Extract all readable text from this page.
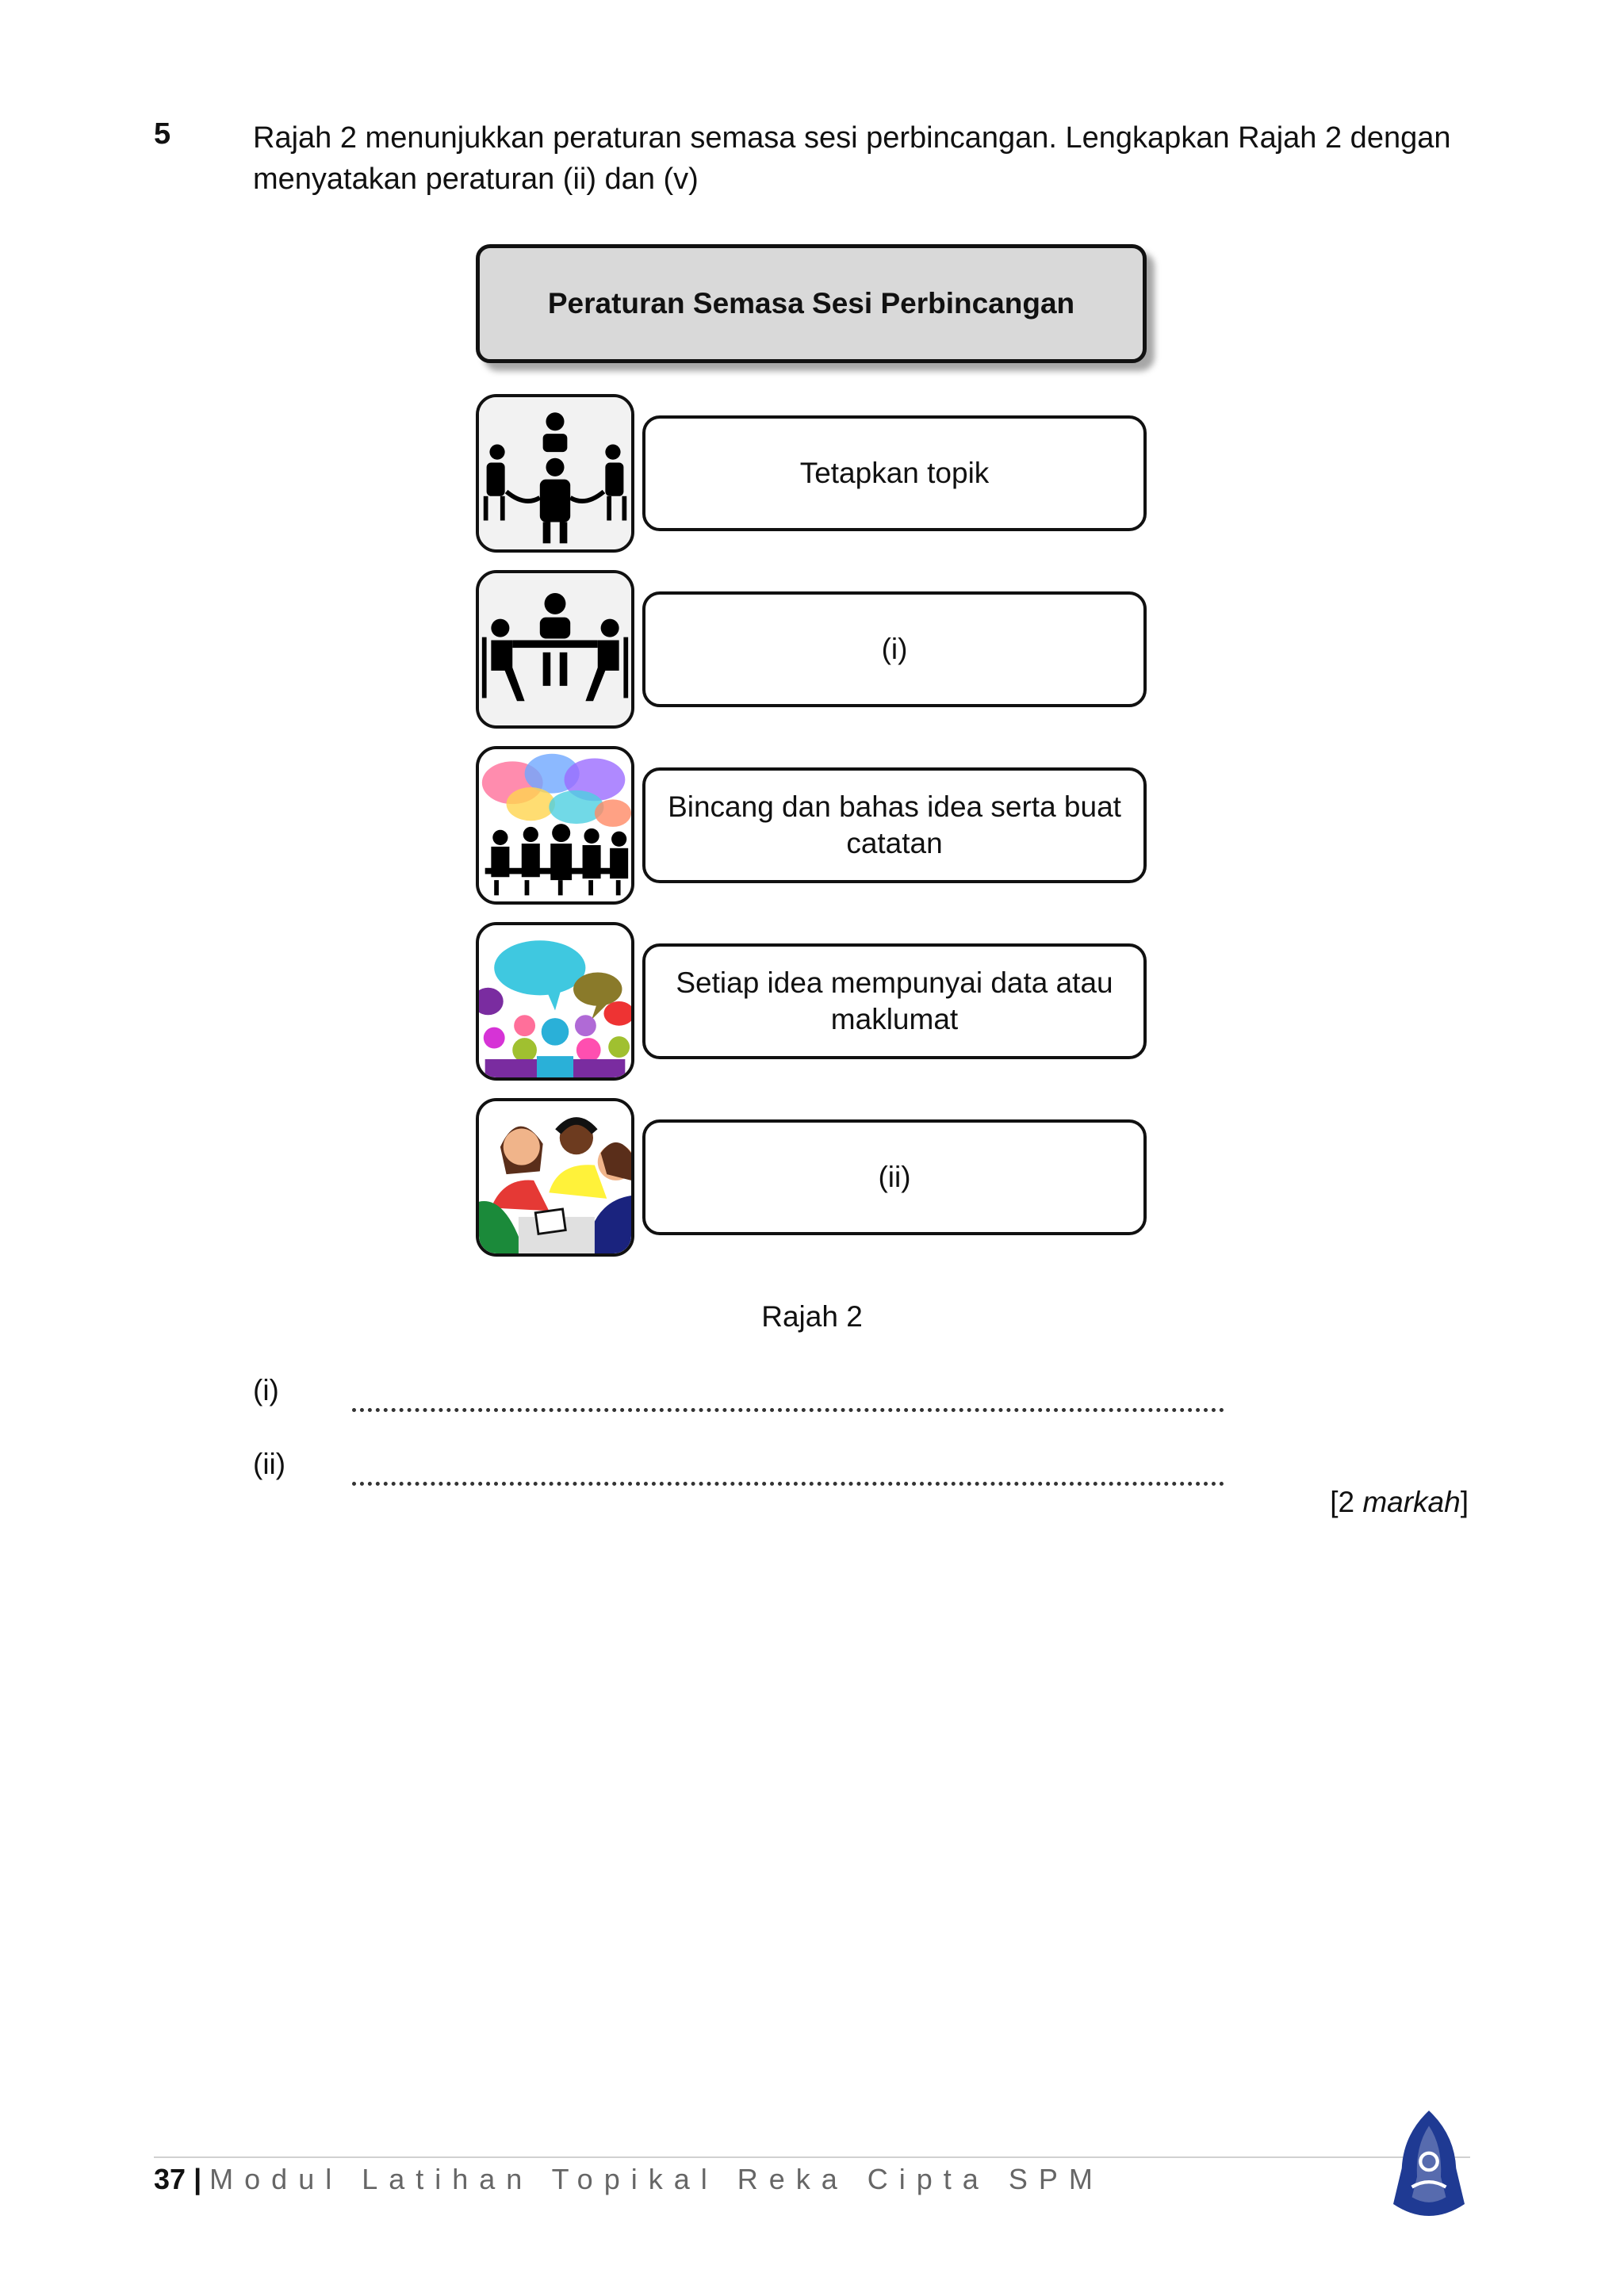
5	Rajah 2 menunjukkan peraturan semasa sesi perbincangan. Lengkapkan Rajah 2 dengan menyatakan peraturan (ii) dan (v)
Peraturan Semasa Sesi Perbincangan
Tetapkan topik
(i)
Bincang dan bahas idea serta buat catatan
Setiap idea mempunyai data atau maklumat
(ii)
Rajah 2
(i)
(ii)
[2 markah]
37 | Modul Latihan Topikal Reka Cipta SPM
